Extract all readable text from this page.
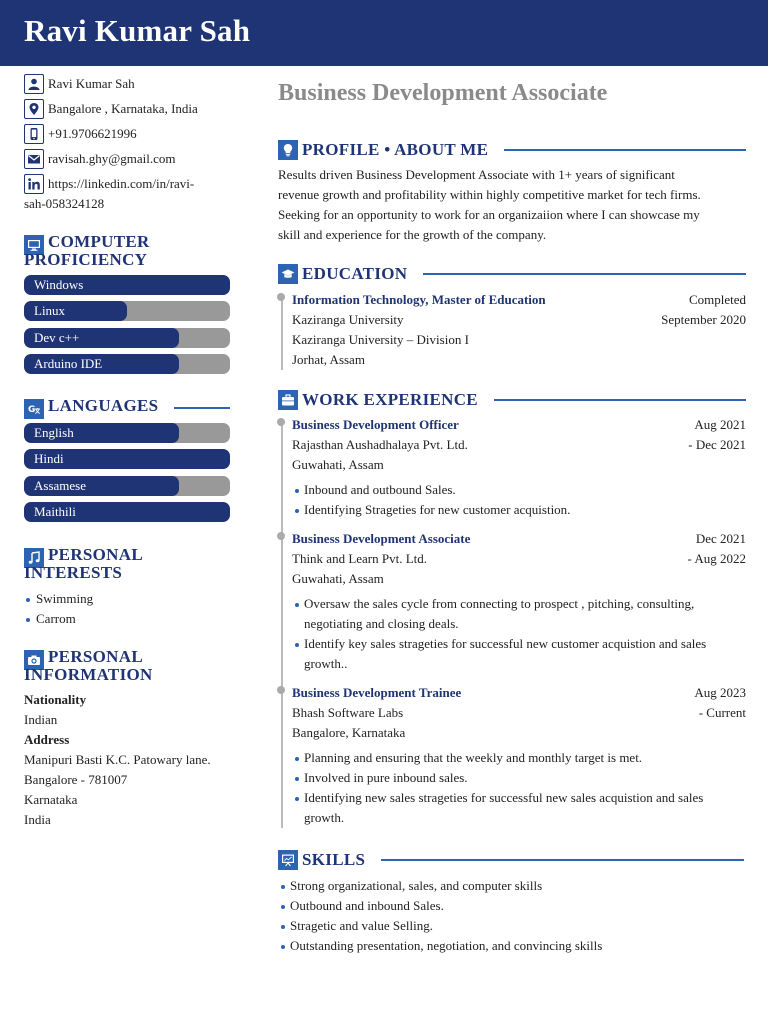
Ravi Kumar Sah
Ravi Kumar Sah
Bangalore , Karnataka, India
+91.9706621996
ravisah.ghy@gmail.com
https://linkedin.com/in/ravi-
sah-058324128
COMPUTER
PROFICIENCY
Windows
Linux
Dev c++
Arduino IDE
G LANGUAGES
English
Hindi
Assamese
Maithili
PERSONAL
INTERESTS
Swimming
Carrom
PERSONAL
INFORMATION
Nationality
Indian
Address
Manipuri Basti K.C. Patowary lane.
Bangalore - 781007
Karnataka
India
Business Development Associate
PROFILE • ABOUT ME
Results driven Business Development Associate with 1+ years of significant
revenue growth and profitability within highly competitive market for tech firms.
Seeking for an opportunity to work for an organizaiion where I can showcase my
skill and experience for the growth of the company.
EDUCATION
Information Technology, Master of Education	Completed
Kaziranga University	September 2020
Kaziranga University – Division I
Jorhat, Assam
WORK EXPERIENCE
Business Development Officer	Aug 2021
Rajasthan Aushadhalaya Pvt. Ltd.	- Dec 2021
Guwahati, Assam
Inbound and outbound Sales.
Identifying Strageties for new customer acquistion.
Business Development Associate	Dec 2021
Think and Learn Pvt. Ltd.	- Aug 2022
Guwahati, Assam
Oversaw the sales cycle from connecting to prospect , pitching, consulting,
negotiating and closing deals.
Identify key sales strageties for successful new customer acquistion and sales
growth..
Business Development Trainee	Aug 2023
Bhash Software Labs	- Current
Bangalore, Karnataka
Planning and ensuring that the weekly and monthly target is met.
Involved in pure inbound sales.
Identifying new sales strageties for successful new sales acquistion and sales
growth.
SKILLS
Strong organizational, sales, and computer skills
Outbound and inbound Sales.
Stragetic and value Selling.
Outstanding presentation, negotiation, and convincing skills
